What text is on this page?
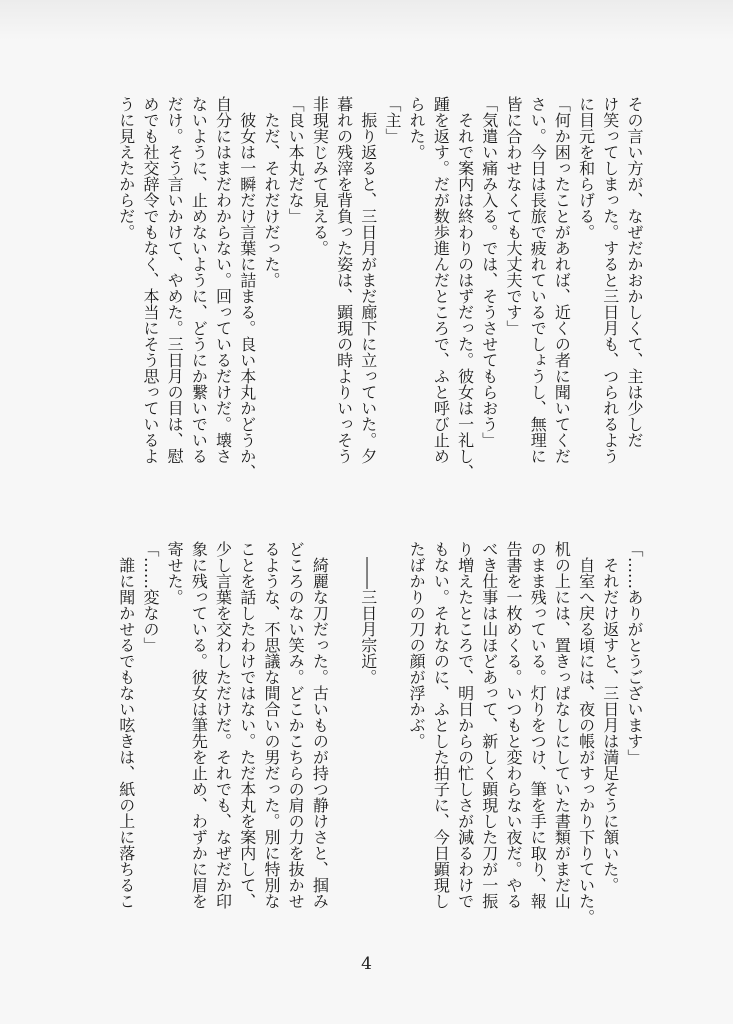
その言い方が、なぜだかおかしくて、主は少しだ
け笑ってしまった。すると三日月も、つられるよう
に目元を和らげる。
「何か困ったことがあれば、近くの者に聞いてくだ
さい。今日は長旅で疲れているでしょうし、無理に
皆に合わせなくても大丈夫です」
「気遣い痛み入る。では、そうさせてもらおう」
　それで案内は終わりのはずだった。彼女は一礼し、
踵を返す。だが数歩進んだところで、ふと呼び止め
られた。
「主」
　振り返ると、三日月がまだ廊下に立っていた。夕
暮れの残滓を背負った姿は、顕現の時よりいっそう
非現実じみて見える。
「良い本丸だな」
　ただ、それだけだった。
　彼女は一瞬だけ言葉に詰まる。良い本丸かどうか、
自分にはまだわからない。回っているだけだ。壊さ
ないように、止めないように、どうにか繋いでいる
だけ。そう言いかけて、やめた。三日月の目は、慰
めでも社交辞令でもなく、本当にそう思っているよ
うに見えたからだ。
「……ありがとうございます」
　それだけ返すと、三日月は満足そうに頷いた。
　自室へ戻る頃には、夜の帳がすっかり下りていた。
机の上には、置きっぱなしにしていた書類がまだ山
のまま残っている。灯りをつけ、筆を手に取り、報
告書を一枚めくる。いつもと変わらない夜だ。やる
べき仕事は山ほどあって、新しく顕現した刀が一振
り増えたところで、明日からの忙しさが減るわけで
もない。それなのに、ふとした拍子に、今日顕現し
たばかりの刀の顔が浮かぶ。

　――三日月宗近。

　綺麗な刀だった。古いものが持つ静けさと、掴み
どころのない笑み。どこかこちらの肩の力を抜かせ
るような、不思議な間合いの男だった。別に特別な
ことを話したわけではない。ただ本丸を案内して、
少し言葉を交わしただけだ。それでも、なぜだか印
象に残っている。彼女は筆先を止め、わずかに眉を
寄せた。
「……変なの」
　誰に聞かせるでもない呟きは、紙の上に落ちるこ
4
